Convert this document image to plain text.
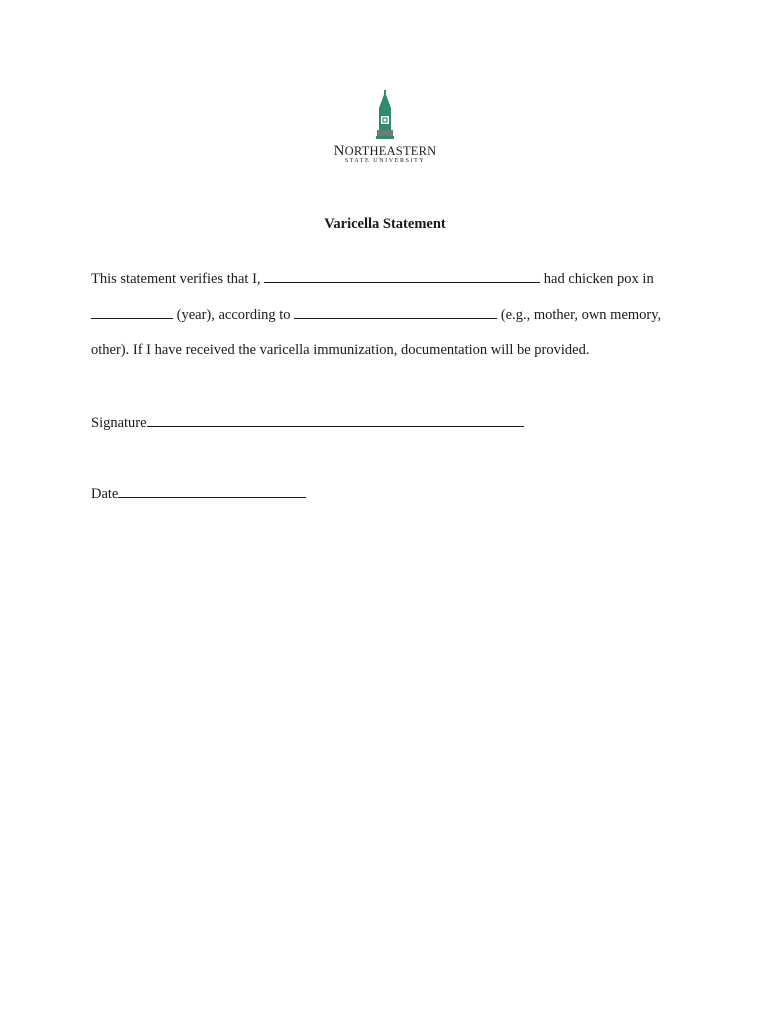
NORTHEASTERN
STATE UNIVERSITY
Varicella Statement
This statement verifies that I,	had chicken pox in
(year), according to	(e.g., mother, own memory,
other). If I have received the varicella immunization, documentation will be provided.
Signature
Date
